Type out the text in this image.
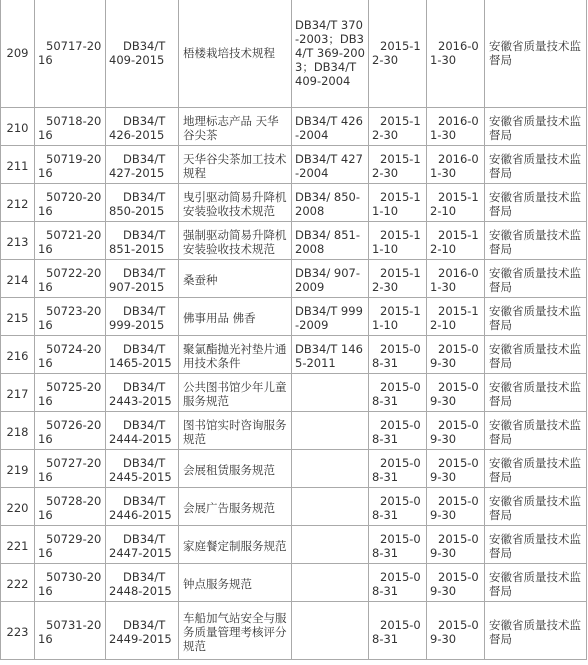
209	50717-2016	DB34/T 409-2015	梧楼栽培技术规程	DB34/T 370-2003；DB34/T 369-2003；DB34/T 409-2004	2015-12-30	2016-01-30	安徽省质量技术监督局
210	50718-2016	DB34/T 426-2015	地理标志产品 天华谷尖茶	DB34/T 426-2004	2015-12-30	2016-01-30	安徽省质量技术监督局
211	50719-2016	DB34/T 427-2015	天华谷尖茶加工技术规程	DB34/T 427-2004	2015-12-30	2016-01-30	安徽省质量技术监督局
212	50720-2016	DB34/T 850-2015	曳引驱动简易升降机安装验收技术规范	DB34/ 850-2008	2015-11-10	2015-12-10	安徽省质量技术监督局
213	50721-2016	DB34/T 851-2015	强制驱动简易升降机安装验收技术规范	DB34/ 851-2008	2015-11-10	2015-12-10	安徽省质量技术监督局
214	50722-2016	DB34/T 907-2015	桑蚕种	DB34/ 907-2009	2015-12-30	2016-01-30	安徽省质量技术监督局
215	50723-2016	DB34/T 999-2015	佛事用品 佛香	DB34/T 999-2009	2015-11-10	2015-12-10	安徽省质量技术监督局
216	50724-2016	DB34/T 1465-2015	聚氯酯抛光衬垫片通用技术条件	DB34/T 1465-2011	2015-08-31	2015-09-30	安徽省质量技术监督局
217	50725-2016	DB34/T 2443-2015	公共图书馆少年儿童服务规范		2015-08-31	2015-09-30	安徽省质量技术监督局
218	50726-2016	DB34/T 2444-2015	图书馆实时咨询服务规范		2015-08-31	2015-09-30	安徽省质量技术监督局
219	50727-2016	DB34/T 2445-2015	会展租赁服务规范		2015-08-31	2015-09-30	安徽省质量技术监督局
220	50728-2016	DB34/T 2446-2015	会展广告服务规范		2015-08-31	2015-09-30	安徽省质量技术监督局
221	50729-2016	DB34/T 2447-2015	家庭餐定制服务规范		2015-08-31	2015-09-30	安徽省质量技术监督局
222	50730-2016	DB34/T 2448-2015	钟点服务规范		2015-08-31	2015-09-30	安徽省质量技术监督局
223	50731-2016	DB34/T 2449-2015	车船加气站安全与服务质量管理考核评分规范		2015-08-31	2015-09-30	安徽省质量技术监督局
